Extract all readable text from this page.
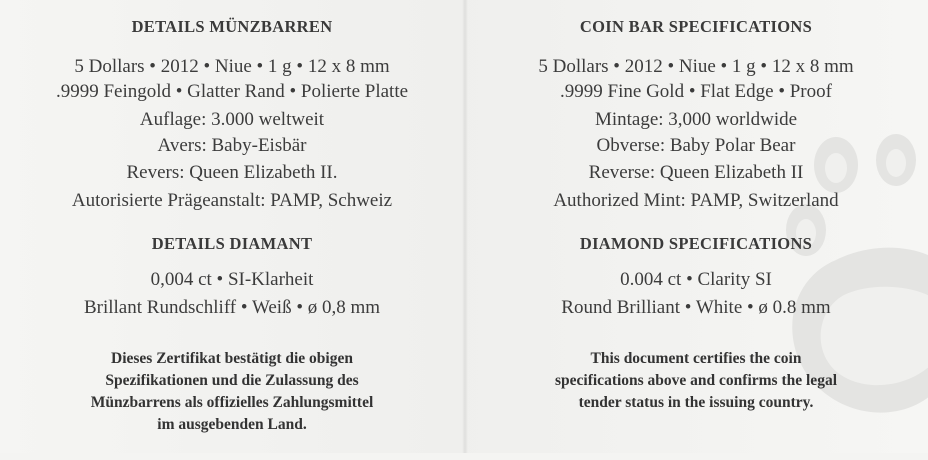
DETAILS MÜNZBARREN
5 Dollars • 2012 • Niue • 1 g • 12 x 8 mm
.9999 Feingold • Glatter Rand • Polierte Platte
Auflage: 3.000 weltweit
Avers: Baby-Eisbär
Revers: Queen Elizabeth II.
Autorisierte Prägeanstalt: PAMP, Schweiz
DETAILS DIAMANT
0,004 ct • SI-Klarheit
Brillant Rundschliff • Weiß • ø 0,8 mm
Dieses Zertifikat bestätigt die obigen
Spezifikationen und die Zulassung des
Münzbarrens als offizielles Zahlungsmittel
im ausgebenden Land.
COIN BAR SPECIFICATIONS
5 Dollars • 2012 • Niue • 1 g • 12 x 8 mm
.9999 Fine Gold • Flat Edge • Proof
Mintage: 3,000 worldwide
Obverse: Baby Polar Bear
Reverse: Queen Elizabeth II
Authorized Mint: PAMP, Switzerland
DIAMOND SPECIFICATIONS
0.004 ct • Clarity SI
Round Brilliant • White • ø 0.8 mm
This document certifies the coin
specifications above and confirms the legal
tender status in the issuing country.
